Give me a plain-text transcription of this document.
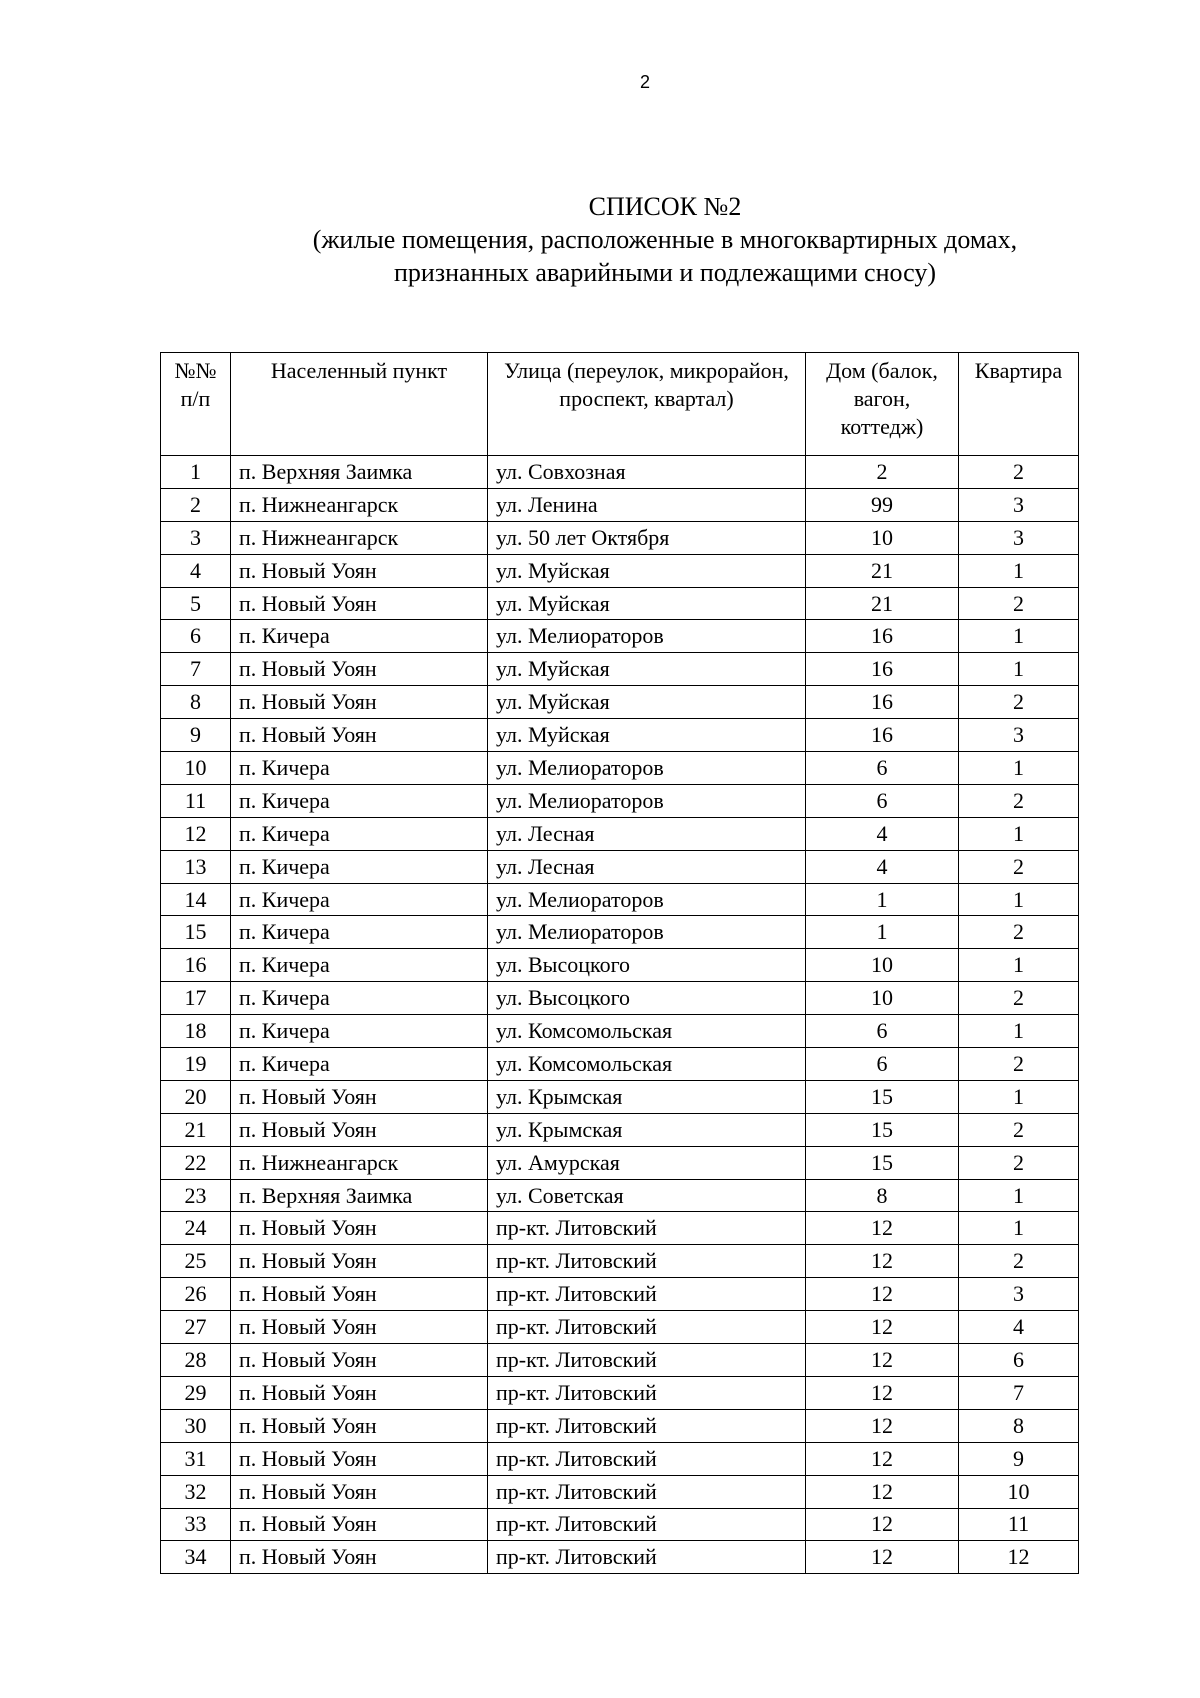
2
СПИСОК №2
(жилые помещения, расположенные в многоквартирных домах,
признанных аварийными и подлежащими сносу)
№№ п/п	Населенный пункт	Улица (переулок, микрорайон, проспект, квартал)	Дом (балок, вагон, коттедж)	Квартира
1	п. Верхняя Заимка	ул. Совхозная	2	2
2	п. Нижнеангарск	ул. Ленина	99	3
3	п. Нижнеангарск	ул. 50 лет Октября	10	3
4	п. Новый Уоян	ул. Муйская	21	1
5	п. Новый Уоян	ул. Муйская	21	2
6	п. Кичера	ул. Мелиораторов	16	1
7	п. Новый Уоян	ул. Муйская	16	1
8	п. Новый Уоян	ул. Муйская	16	2
9	п. Новый Уоян	ул. Муйская	16	3
10	п. Кичера	ул. Мелиораторов	6	1
11	п. Кичера	ул. Мелиораторов	6	2
12	п. Кичера	ул. Лесная	4	1
13	п. Кичера	ул. Лесная	4	2
14	п. Кичера	ул. Мелиораторов	1	1
15	п. Кичера	ул. Мелиораторов	1	2
16	п. Кичера	ул. Высоцкого	10	1
17	п. Кичера	ул. Высоцкого	10	2
18	п. Кичера	ул. Комсомольская	6	1
19	п. Кичера	ул. Комсомольская	6	2
20	п. Новый Уоян	ул. Крымская	15	1
21	п. Новый Уоян	ул. Крымская	15	2
22	п. Нижнеангарск	ул. Амурская	15	2
23	п. Верхняя Заимка	ул. Советская	8	1
24	п. Новый Уоян	пр-кт. Литовский	12	1
25	п. Новый Уоян	пр-кт. Литовский	12	2
26	п. Новый Уоян	пр-кт. Литовский	12	3
27	п. Новый Уоян	пр-кт. Литовский	12	4
28	п. Новый Уоян	пр-кт. Литовский	12	6
29	п. Новый Уоян	пр-кт. Литовский	12	7
30	п. Новый Уоян	пр-кт. Литовский	12	8
31	п. Новый Уоян	пр-кт. Литовский	12	9
32	п. Новый Уоян	пр-кт. Литовский	12	10
33	п. Новый Уоян	пр-кт. Литовский	12	11
34	п. Новый Уоян	пр-кт. Литовский	12	12
